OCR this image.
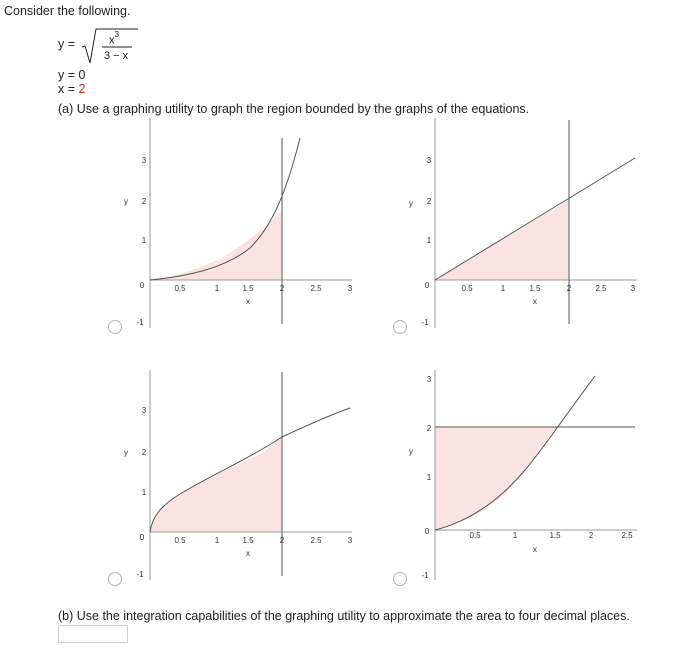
Consider the following.
y =	$x^3$
3 − x
y = 0
x = 2
(a) Use a graphing utility to graph the region bounded by the graphs of the equations.
0.5	1	1.5	2	2.5	3
x
0
1
2
3
-1
y
0.5	1	1.5	2	2.5	3
x
0
1
2
3
-1
y
0.5	1	1.5	2	2.5	3
x
0
1
2
3
-1
y
0.5	1	1.5	2	2.5
x
0
1
2
3
-1
y
(b) Use the integration capabilities of the graphing utility to approximate the area to four decimal places.
